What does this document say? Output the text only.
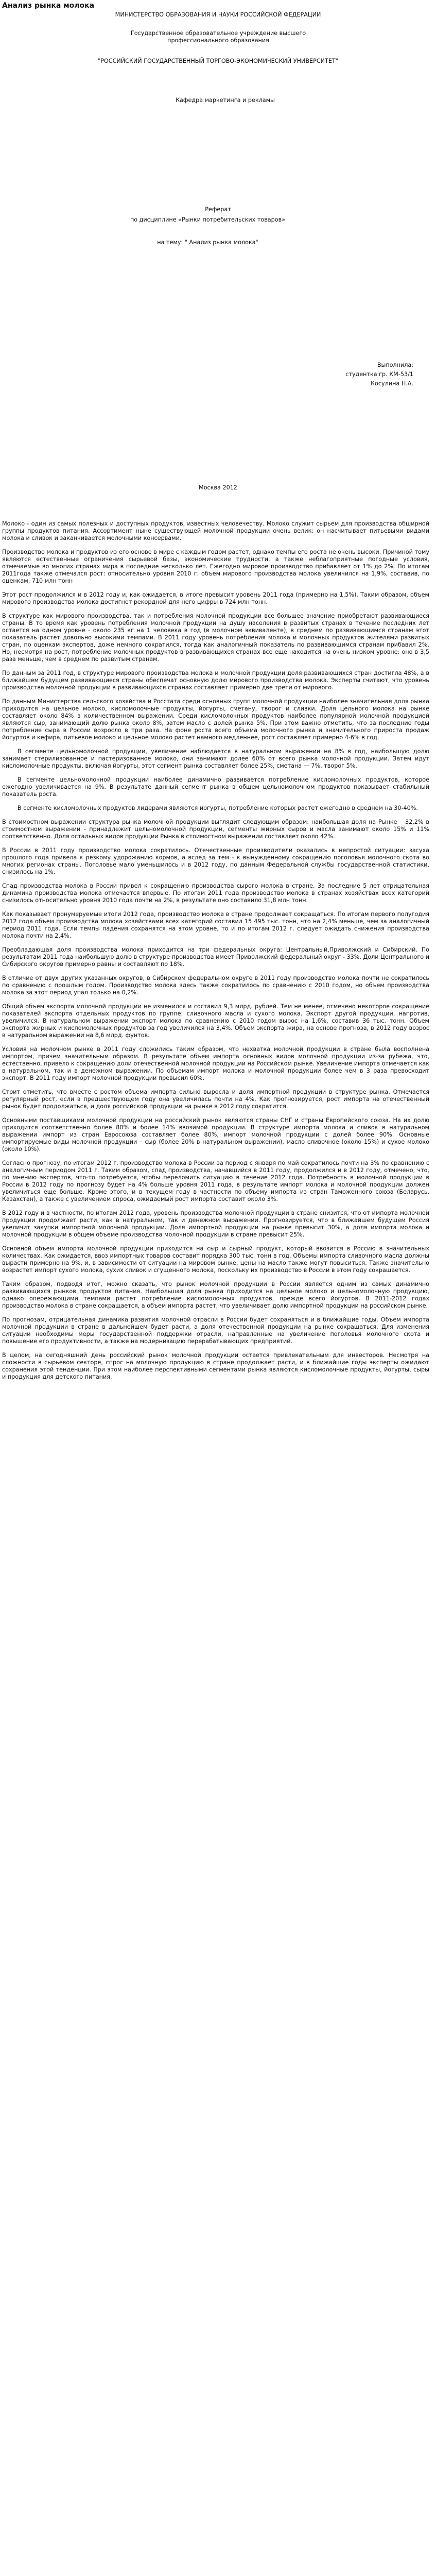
Анализ рынка молока
МИНИСТЕРСТВО ОБРАЗОВАНИЯ И НАУКИ РОССИЙСКОЙ ФЕДЕРАЦИИ
Государственное образовательное учреждение высшего профессионального образования
"РОССИЙСКИЙ ГОСУДАРСТВЕННЫЙ ТОРГОВО-ЭКОНОМИЧЕСКИЙ УНИВЕРСИТЕТ"
Кафедра маркетинга и рекламы
Реферат
по дисциплине «Рынки потребительских товаров»
на тему: " Анализ рынка молока"
Выполнила:
студентка гр. КМ-53/1
Косулина Н.А.
Москва 2012

Молоко - один из самых полезных и доступных продуктов, известных человечеству. Молоко служит сырьем для производства обширной группы продуктов питания. Ассортимент ныне существующей молочной продукции очень велик: он насчитывает питьевыми видами молока и сливок и заканчивается молочными консервами.

Производство молока и продуктов из его основе в мире с каждым годом растет, однако темпы его роста не очень высоки. Причиной тому являются естественные ограничения сырьевой базы, экономические трудности, а также неблагоприятные погодные условия, отмечаемые во многих странах мира в последние несколько лет. Ежегодно мировое производство прибавляет от 1% до 2%. По итогам 2011года также отмечался рост: относительно уровня 2010 г. объем мирового производства молока увеличился на 1,9%, составив, по оценкам, 710 млн тонн

Этот рост продолжился и в 2012 году и, как ожидается, в итоге превысит уровень 2011 года (примерно на 1,5%). Таким образом, объем мирового производства молока достигнет рекордной для него цифры в 724 млн тонн.

В структуре как мирового производства, так и потребления молочной продукции все большее значение приобретают развивающиеся страны. В то время как уровень потребления молочной продукции на душу населения в развитых странах в течение последних лет остается на одном уровне - около 235 кг на 1 человека в год (в молочном эквиваленте), в среднем по развивающимся странам этот показатель растет довольно высокими темпами. В 2011 году уровень потребления молока и молочных продуктов жителями развитых стран, по оценкам экспертов, доже немного сократился, тогда как аналогичный показатель по развивающимся странам прибавил 2%. Но, несмотря на рост, потребление молочных продуктов в развивающихся странах все еще находится на очень низком уровне: оно в 3,5 раза меньше, чем в среднем по развитым странам.

По данным за 2011 год, в структуре мирового производства молока и молочной продукции доля развивающихся стран достигла 48%, а в ближайшем будущем развивающиеся страны обеспечат основную долю мирового производства молока. Эксперты считают, что уровень производства молочной продукции в развивающихся странах составляет примерно две трети от мирового.

По данным Министерства сельского хозяйства и Росстата среди основных групп молочной продукции наиболее значительная доля рынка приходится на цельное молоко, кисломолочные продукты, йогурты, сметану, творог и сливки. Доля цельного молока на рынке составляет около 84% в количественном выражении. Среди кисломолочных продуктов наиболее популярной молочной продукцией являются сыр, занимающий долю рынка около 8%, затем масло с долей рынка 5%. При этом важно отметить, что за последние годы потребление сыра в России возросло в три раза. На фоне роста всего объема молочного рынка и значительного прироста продаж йогуртов и кефира, питьевое молоко и цельное молоко растет намного медленнее, рост составляет примерно 4-6% в год.

В сегменте цельномолочной продукции, увеличение наблюдается в натуральном выражении на 8% в год, наибольшую долю занимает стерилизованное и пастеризованное молоко, они занимают долее 60% от всего рынка молочной продукции. Затем идут кисломолочные продукты, включая йогурты, этот сегмент рынка составляет более 25%, сметана — 7%, творог 5%.

В сегменте цельномолочной продукции наиболее динамично развивается потребление кисломолочных продуктов, которое ежегодно увеличивается на 9%. В результате данный сегмент рынка в общем цельномолочном продуктов показывает стабильный показатель роста.

В сегменте кисломолочных продуктов лидерами являются йогурты, потребление которых растет ежегодно в среднем на 30-40%.

В стоимостном выражении структура рынка молочной продукции выглядит следующим образом: наибольшая доля на Рынке – 32,2% в стоимостном выражении - принадлежит цельномолочной продукции, сегменты жирных сыров и масла занимают около 15% и 11% соответственно. Доля остальных видов продукции Рынка в стоимостном выражении составляет около 42%.

В России в 2011 году производство молока сократилось. Отечественные производители оказались в непростой ситуации: засуха прошлого года привела к резкому удорожанию кормов, а вслед за тем - к вынужденному сокращению поголовья молочного скота во многих регионах страны. Поголовье мало уменьшилось и в 2012 году, по данным Федеральной службы государственной статистики, снизилось на 1%.

Спад производства молока в России привел к сокращению производства сырого молока в стране. За последние 5 лет отрицательная динамика производства молока отмечается впервые. По итогам 2011 года производство молока в странах хозяйствах всех категорий снизилось относительно уровня 2010 года почти на 2%, в результате оно составило 31,8 млн тонн.

Как показывает пронумеруемые итоги 2012 года, производство молока в стране продолжает сокращаться. По итогам первого полугодия 2012 года объем производства молока хозяйствами всех категорий составил 15 495 тыс. тонн, что на 2,4% меньше, чем за аналогичный период 2011 года. Если темпы падения сохранятся на этом уровне, то и по итогам 2012 г. следует ожидать снижения производства молока почти на 2,4%.

Преобладающая доля производства молока приходится на три федеральных округа: Центральный,Приволжский и Сибирский. По результатам 2011 года наибольшую долю в структуре производства имеет Приволжский федеральный округ - 33%. Доли Центрального и Сибирского округов примерно равны и составляют по 18%.

В отличие от двух других указанных округов, в Сибирском федеральном округе в 2011 году производство молока почти не сократилось по сравнению с прошлым годом. Производство молока здесь также сократилось по сравнению с 2010 годом, но объем производства молока за этот период упал только на 0,2%.

Общий объем экспорта молочной продукции не изменился и составил 9,3 млрд. рублей. Тем не менее, отмечено некоторое сокращение показателей экспорта отдельных продуктов по группе: сливочного масла и сухого молока. Экспорт другой продукции, напротив, увеличился. В натуральном выражении экспорт молока по сравнению с 2010 годом вырос на 1,6%, составив 36 тыс. тонн. Объем экспорта жирных и кисломолочных продуктов за год увеличился на 3,4%. Объем экспорта жира, на основе прогноза, в 2012 году возрос в натуральном выражении на 8,6 млрд. фунтов.

Условия на молочном рынке в 2011 году сложились таким образом, что нехватка молочной продукции в стране была восполнена импортом, причем значительным образом. В результате объем импорта основных видов молочной продукции из-за рубежа, что, естественно, привело к сокращению доли отечественной молочной продукции на Российском рынке. Увеличение импорта отмечается как в натуральном, так и в денежном выражении. По объемам импорт молока и молочной продукции более чем в 3 раза превосходит экспорт. В 2011 году импорт молочной продукции превысил 60%.

Стоит отметить, что вместе с ростом объема импорта сильно выросла и доля импортной продукции в структуре рынка. Отмечается регулярный рост, если в предшествующем году она увеличилась почти на 4%. Как прогнозируется, рост импорта на отечественный рынок будет продолжаться, и доля российской продукции на рынке в 2012 году сократится.

Основными поставщиками молочной продукции на российский рынок являются страны СНГ и страны Европейского союза. На их долю приходится соответственно более 80% и более 14% ввозимой продукции. В структуре импорта молока и сливок в натуральном выражении импорт из стран Евросоюза составляет более 80%, импорт молочной продукции с долей более 90%. Основные импортируемые виды молочной продукции – сыр (более 20% в натуральном выражении), масло сливочное (около 15%) и сухое молоко (около 10%).

Согласно прогнозу, по итогам 2012 г. производство молока в России за период с января по май сократилось почти на 3% по сравнению с аналогичным периодом 2011 г. Таким образом, спад производства, начавшийся в 2011 году, продолжился и в 2012 году, отмечено, что, по мнению экспертов, что-то потребуется, чтобы переломить ситуацию в течение 2012 года. Потребность в молочной продукции в России в 2012 году по прогнозу будет на 4% больше уровня 2011 года, в результате импорт молока и молочной продукции должен увеличиться еще больше. Кроме этого, и в текущем году в частности по объему импорта из стран Таможенного союза (Беларусь, Казахстан), а также с увеличением спроса, ожидаемый рост импорта составит около 3%.

В 2012 году и в частности, по итогам 2012 года, уровень производства молочной продукции в стране снизится, что от импорта молочной продукции продолжает расти, как в натуральном, так и денежном выражении. Прогнозируется, что в ближайшем будущем Россия увеличит закупки импортной молочной продукции. Доля импортной продукции на рынке превысит 30%, а доля импорта молока и молочной продукции в общем объеме производства молочной продукции в стране превысит 25%.

Основной объем импорта молочной продукции приходится на сыр и сырный продукт, который ввозится в Россию в значительных количествах. Как ожидается, ввоз импортных товаров составит порядка 300 тыс. тонн в год. Объемы импорта сливочного масла должны вырасти примерно на 9%, и, в зависимости от ситуации на мировом рынке, цены на масло также могут повыситься. Также значительно возрастет импорт сухого молока, сухих сливок и сгущенного молока, поскольку их производство в России в этом году сокращается.

Таким образом, подводя итог, можно сказать, что рынок молочной продукции в России является одним из самых динамично развивающихся рынков продуктов питания. Наибольшая доля рынка приходится на цельное молоко и цельномолочную продукцию, однако опережающими темпами растет потребление кисломолочных продуктов, прежде всего йогуртов. В 2011-2012 годах производство молока в стране сокращается, а объем импорта растет, что увеличивает долю импортной продукции на российском рынке.

По прогнозам, отрицательная динамика развития молочной отрасли в России будет сохраняться и в ближайшие годы. Объем импорта молочной продукции в стране в дальнейшем будет расти, а доля отечественной продукции на рынке сокращаться. Для изменения ситуации необходимы меры государственной поддержки отрасли, направленные на увеличение поголовья молочного скота и повышение его продуктивности, а также на модернизацию перерабатывающих предприятий.

В целом, на сегодняшний день российский рынок молочной продукции остается привлекательным для инвесторов. Несмотря на сложности в сырьевом секторе, спрос на молочную продукцию в стране продолжает расти, и в ближайшие годы эксперты ожидают сохранения этой тенденции. При этом наиболее перспективными сегментами рынка являются кисломолочные продукты, йогурты, сыры и продукция для детского питания.
